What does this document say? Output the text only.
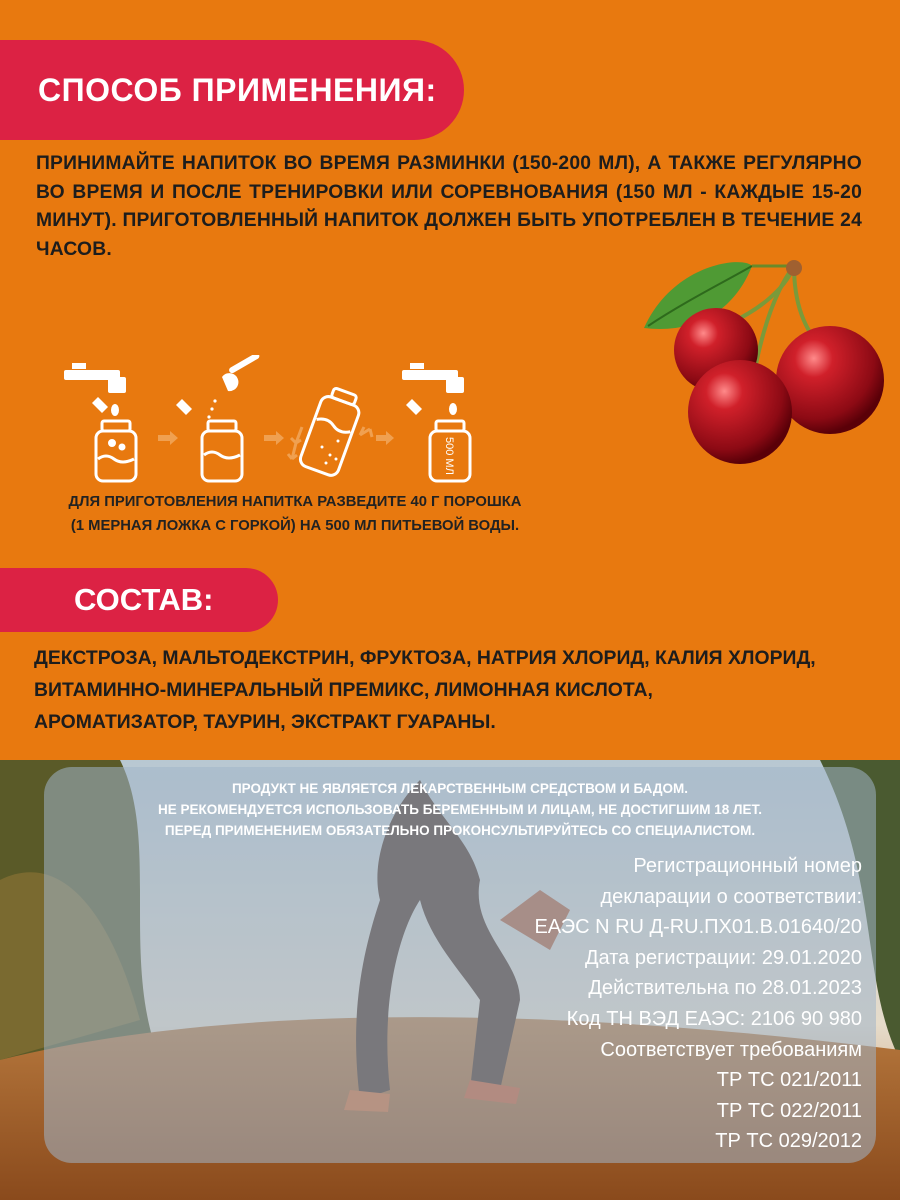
СПОСОБ ПРИМЕНЕНИЯ:
ПРИНИМАЙТЕ НАПИТОК ВО ВРЕМЯ РАЗМИНКИ (150-200 МЛ), А ТАКЖЕ РЕГУЛЯРНО ВО ВРЕМЯ И ПОСЛЕ ТРЕНИРОВКИ ИЛИ СОРЕВНОВАНИЯ (150 МЛ - КАЖДЫЕ 15-20 МИНУТ). ПРИГОТОВЛЕННЫЙ НАПИТОК ДОЛЖЕН БЫТЬ УПОТРЕБЛЕН В ТЕЧЕНИЕ 24 ЧАСОВ.
500 МЛ
ДЛЯ ПРИГОТОВЛЕНИЯ НАПИТКА РАЗВЕДИТЕ 40 Г ПОРОШКА
(1 МЕРНАЯ ЛОЖКА С ГОРКОЙ) НА 500 МЛ ПИТЬЕВОЙ ВОДЫ.
СОСТАВ:
ДЕКСТРОЗА, МАЛЬТОДЕКСТРИН, ФРУКТОЗА, НАТРИЯ ХЛОРИД, КАЛИЯ ХЛОРИД,
ВИТАМИННО-МИНЕРАЛЬНЫЙ ПРЕМИКС, ЛИМОННАЯ КИСЛОТА,
АРОМАТИЗАТОР, ТАУРИН, ЭКСТРАКТ ГУАРАНЫ.
ПРОДУКТ НЕ ЯВЛЯЕТСЯ ЛЕКАРСТВЕННЫМ СРЕДСТВОМ И БАДОМ.
НЕ РЕКОМЕНДУЕТСЯ ИСПОЛЬЗОВАТЬ БЕРЕМЕННЫМ И ЛИЦАМ, НЕ ДОСТИГШИМ 18 ЛЕТ.
ПЕРЕД ПРИМЕНЕНИЕМ ОБЯЗАТЕЛЬНО ПРОКОНСУЛЬТИРУЙТЕСЬ СО СПЕЦИАЛИСТОМ.
Регистрационный номер
декларации о соответствии:
ЕАЭС N RU Д-RU.ПХ01.В.01640/20
Дата регистрации: 29.01.2020
Действительна по 28.01.2023
Код ТН ВЭД ЕАЭС: 2106 90 980
Соответствует требованиям
ТР ТС 021/2011
ТР ТС 022/2011
ТР ТС 029/2012
